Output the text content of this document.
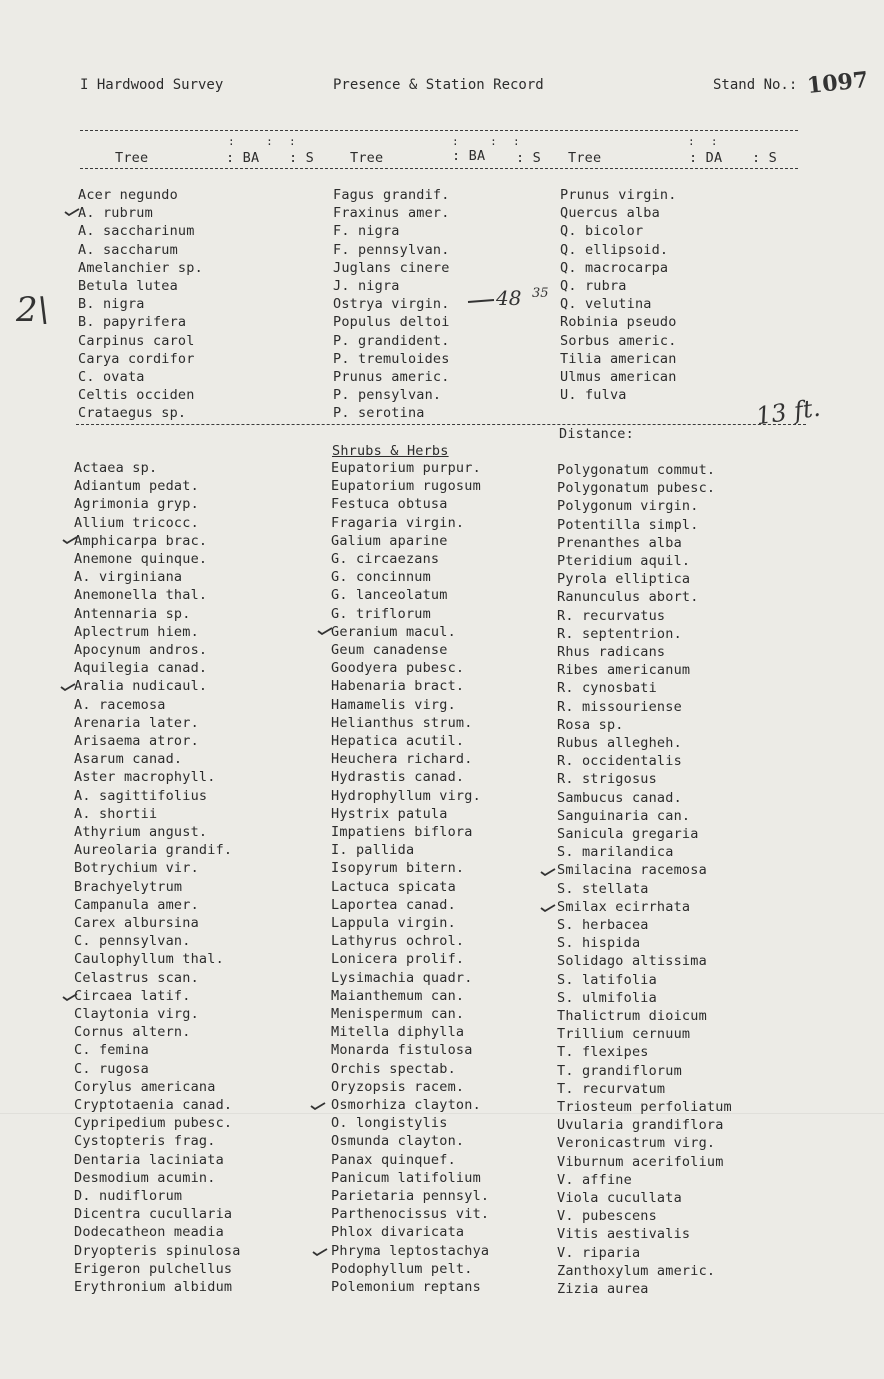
I Hardwood Survey	Presence & Station Record	Stand No.: 1097
:    :  :	:    :  :	:  :
Tree	: BA : S	Tree	: BA : S Tree	: DA : S
Acer negundo
A. rubrum
A. saccharinum
A. saccharum
Amelanchier sp.
Betula lutea
B. nigra
B. papyrifera
Carpinus carol
Carya cordifor
C. ovata
Celtis occiden
Crataegus sp.
Fagus grandif.
Fraxinus amer.
F. nigra
F. pennsylvan.
Juglans cinere
J. nigra
Ostrya virgin.
Populus deltoi
P. grandident.
P. tremuloides
Prunus americ.
P. pensylvan.
P. serotina
Prunus virgin.
Quercus alba
Q. bicolor
Q. ellipsoid.
Q. macrocarpa
Q. rubra
Q. velutina
Robinia pseudo
Sorbus americ.
Tilia american
Ulmus american
U. fulva
Distance:
13 ft.
Shrubs & Herbs
Actaea sp.
Adiantum pedat.
Agrimonia gryp.
Allium tricocc.
Amphicarpa brac.
Anemone quinque.
A. virginiana
Anemonella thal.
Antennaria sp.
Aplectrum hiem.
Apocynum andros.
Aquilegia canad.
Aralia nudicaul.
A. racemosa
Arenaria later.
Arisaema atror.
Asarum canad.
Aster macrophyll.
A. sagittifolius
A. shortii
Athyrium angust.
Aureolaria grandif.
Botrychium vir.
Brachyelytrum
Campanula amer.
Carex albursina
C. pennsylvan.
Caulophyllum thal.
Celastrus scan.
Circaea latif.
Claytonia virg.
Cornus altern.
C. femina
C. rugosa
Corylus americana
Cryptotaenia canad.
Cypripedium pubesc.
Cystopteris frag.
Dentaria laciniata
Desmodium acumin.
D. nudiflorum
Dicentra cucullaria
Dodecatheon meadia
Dryopteris spinulosa
Erigeron pulchellus
Erythronium albidum
Eupatorium purpur.
Eupatorium rugosum
Festuca obtusa
Fragaria virgin.
Galium aparine
G. circaezans
G. concinnum
G. lanceolatum
G. triflorum
Geranium macul.
Geum canadense
Goodyera pubesc.
Habenaria bract.
Hamamelis virg.
Helianthus strum.
Hepatica acutil.
Heuchera richard.
Hydrastis canad.
Hydrophyllum virg.
Hystrix patula
Impatiens biflora
I. pallida
Isopyrum bitern.
Lactuca spicata
Laportea canad.
Lappula virgin.
Lathyrus ochrol.
Lonicera prolif.
Lysimachia quadr.
Maianthemum can.
Menispermum can.
Mitella diphylla
Monarda fistulosa
Orchis spectab.
Oryzopsis racem.
Osmorhiza clayton.
O. longistylis
Osmunda clayton.
Panax quinquef.
Panicum latifolium
Parietaria pennsyl.
Parthenocissus vit.
Phlox divaricata
Phryma leptostachya
Podophyllum pelt.
Polemonium reptans
Polygonatum commut.
Polygonatum pubesc.
Polygonum virgin.
Potentilla simpl.
Prenanthes alba
Pteridium aquil.
Pyrola elliptica
Ranunculus abort.
R. recurvatus
R. septentrion.
Rhus radicans
Ribes americanum
R. cynosbati
R. missouriense
Rosa sp.
Rubus allegheh.
R. occidentalis
R. strigosus
Sambucus canad.
Sanguinaria can.
Sanicula gregaria
S. marilandica
Smilacina racemosa
S. stellata
Smilax ecirrhata
S. herbacea
S. hispida
Solidago altissima
S. latifolia
S. ulmifolia
Thalictrum dioicum
Trillium cernuum
T. flexipes
T. grandiflorum
T. recurvatum
Triosteum perfoliatum
Uvularia grandiflora
Veronicastrum virg.
Viburnum acerifolium
V. affine
Viola cucullata
V. pubescens
Vitis aestivalis
V. riparia
Zanthoxylum americ.
Zizia aurea
2\	48 35
